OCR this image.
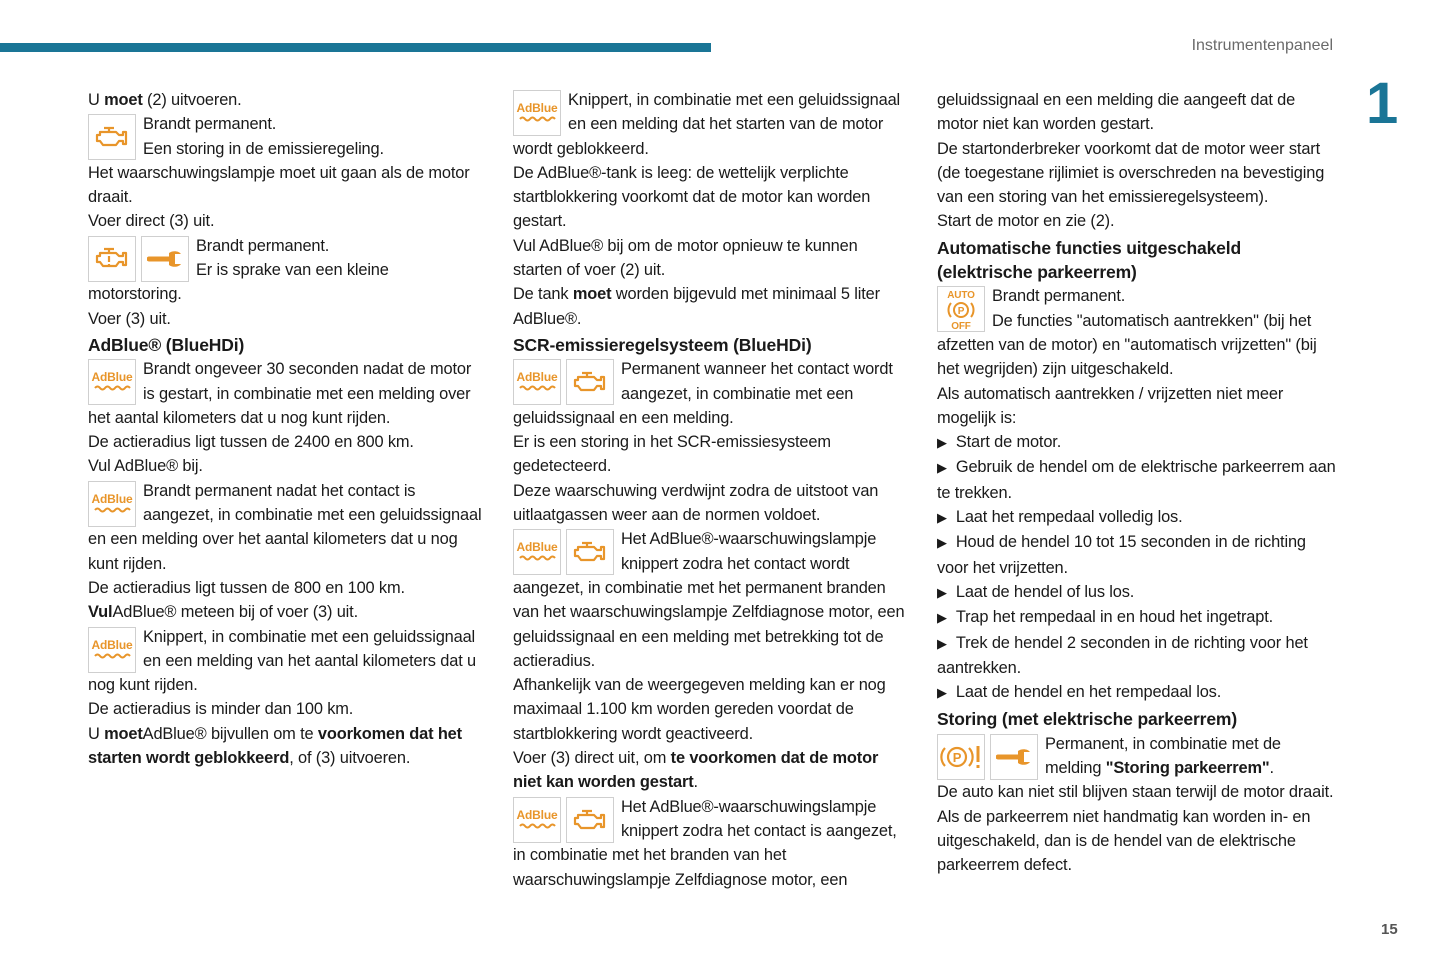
Instrumentenpaneel
1

U moet (2) uitvoeren.

Brandt permanent.

Een storing in de emissieregeling.

Het waarschuwingslampje moet uit gaan als de motor draait.

Voer direct (3) uit.

Brandt permanent.

Er is sprake van een kleine motorstoring.

Voer (3) uit.

AdBlue® (BlueHDi)
AdBlue Brandt ongeveer 30 seconden nadat de motor is gestart, in combinatie met een melding over het aantal kilometers dat u nog kunt rijden.

De actieradius ligt tussen de 2400 en 800 km.

Vul AdBlue® bij.

AdBlue Brandt permanent nadat het contact is aangezet, in combinatie met een geluidssignaal en een melding over het aantal kilometers dat u nog kunt rijden.

De actieradius ligt tussen de 800 en 100 km.

VulAdBlue® meteen bij of voer (3) uit.

AdBlue Knippert, in combinatie met een geluidssignaal en een melding van het aantal kilometers dat u nog kunt rijden.

De actieradius is minder dan 100 km.

U moetAdBlue® bijvullen om te voorkomen dat het starten wordt geblokkeerd, of (3) uitvoeren.

AdBlue Knippert, in combinatie met een geluidssignaal en een melding dat het starten van de motor wordt geblokkeerd.

De AdBlue®-tank is leeg: de wettelijk verplichte startblokkering voorkomt dat de motor kan worden gestart.

Vul AdBlue® bij om de motor opnieuw te kunnen starten of voer (2) uit.

De tank moet worden bijgevuld met minimaal 5 liter AdBlue®.

SCR-emissieregelsysteem (BlueHDi)
AdBlue	Permanent wanneer het contact wordt aangezet, in combinatie met een geluidssignaal en een melding.

Er is een storing in het SCR-emissiesysteem gedetecteerd.

Deze waarschuwing verdwijnt zodra de uitstoot van uitlaatgassen weer aan de normen voldoet.

AdBlue	Het AdBlue®-waarschuwingslampje knippert zodra het contact wordt aangezet, in combinatie met het permanent branden van het waarschuwingslampje Zelfdiagnose motor, een geluidssignaal en een melding met betrekking tot de actieradius.

Afhankelijk van de weergegeven melding kan er nog maximaal 1.100 km worden gereden voordat de startblokkering wordt geactiveerd.

Voer (3) direct uit, om te voorkomen dat de motor niet kan worden gestart.

AdBlue	Het AdBlue®-waarschuwingslampje knippert zodra het contact is aangezet, in combinatie met het branden van het waarschuwingslampje Zelfdiagnose motor, een

geluidssignaal en een melding die aangeeft dat de motor niet kan worden gestart.

De startonderbreker voorkomt dat de motor weer start (de toegestane rijlimiet is overschreden na bevestiging van een storing van het emissieregelsysteem).

Start de motor en zie (2).

Automatische functies uitgeschakeld (elektrische parkeerrem)
AUTO
P
OFF

Brandt permanent.

De functies "automatisch aantrekken" (bij het afzetten van de motor) en "automatisch vrijzetten" (bij het wegrijden) zijn uitgeschakeld.

Als automatisch aantrekken / vrijzetten niet meer mogelijk is:

▶ Start de motor.

▶ Gebruik de hendel om de elektrische parkeerrem aan te trekken.

▶ Laat het rempedaal volledig los.

▶ Houd de hendel 10 tot 15 seconden in de richting voor het vrijzetten.

▶ Laat de hendel of lus los.

▶ Trap het rempedaal in en houd het ingetrapt.

▶ Trek de hendel 2 seconden in de richting voor het aantrekken.

▶ Laat de hendel en het rempedaal los.

Storing (met elektrische parkeerrem)
P

Permanent, in combinatie met de melding "Storing parkeerrem".

De auto kan niet stil blijven staan terwijl de motor draait.

Als de parkeerrem niet handmatig kan worden in- en uitgeschakeld, dan is de hendel van de elektrische parkeerrem defect.

15
